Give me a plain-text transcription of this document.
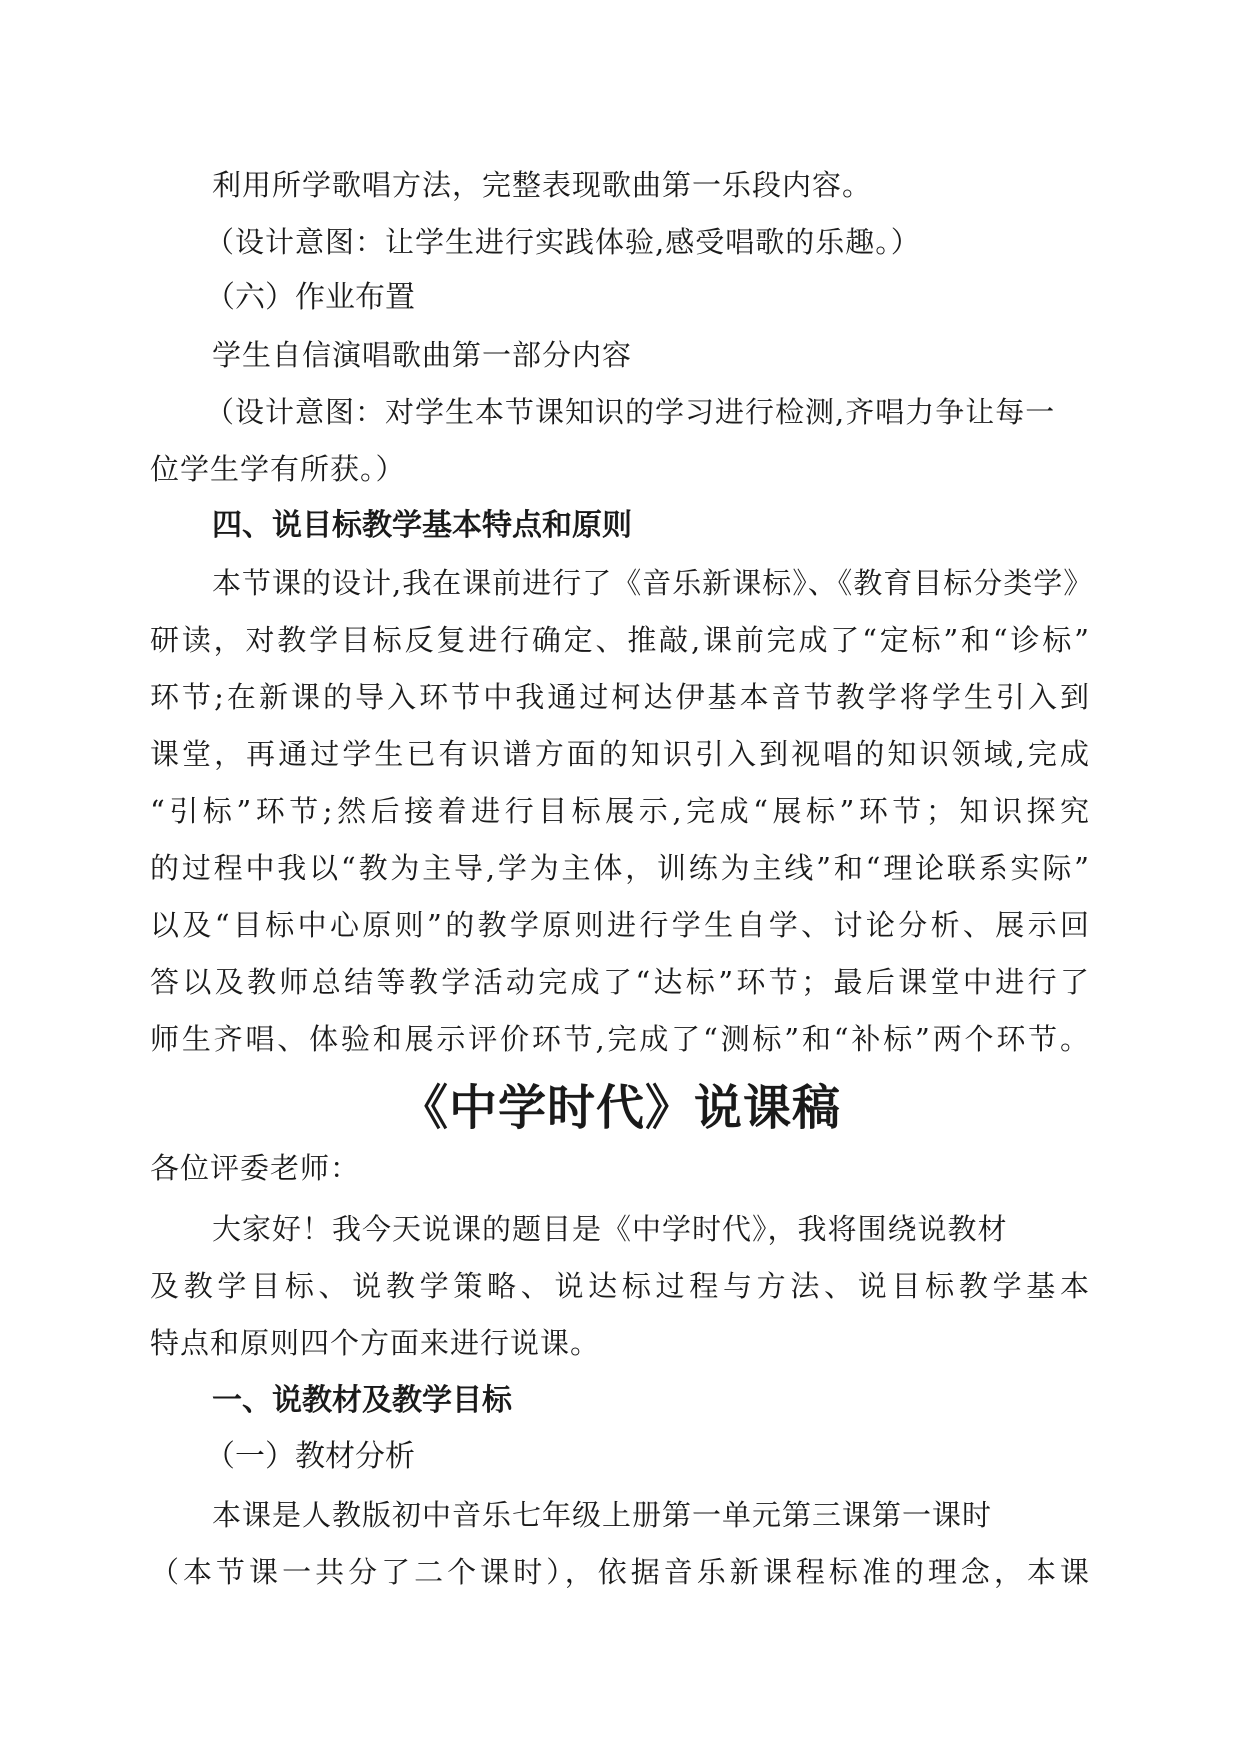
利用所学歌唱方法，完整表现歌曲第一乐段内容。
（设计意图：让学生进行实践体验,感受唱歌的乐趣。）
（六）作业布置
学生自信演唱歌曲第一部分内容
（设计意图：对学生本节课知识的学习进行检测,齐唱力争让每一
位学生学有所获。）
四、说目标教学基本特点和原则
本节课的设计,我在课前进行了《音乐新课标》、《教育目标分类学》
研读，对教学目标反复进行确定、推敲,课前完成了“定标”和“诊标”
环节;在新课的导入环节中我通过柯达伊基本音节教学将学生引入到
课堂，再通过学生已有识谱方面的知识引入到视唱的知识领域,完成
“引标”环节;然后接着进行目标展示,完成“展标”环节；知识探究
的过程中我以“教为主导,学为主体，训练为主线”和“理论联系实际”
以及“目标中心原则”的教学原则进行学生自学、讨论分析、展示回
答以及教师总结等教学活动完成了“达标”环节；最后课堂中进行了
师生齐唱、体验和展示评价环节,完成了“测标”和“补标”两个环节。
《中学时代》说课稿
各位评委老师：
大家好！我今天说课的题目是《中学时代》，我将围绕说教材
及教学目标、说教学策略、说达标过程与方法、说目标教学基本
特点和原则四个方面来进行说课。
一、说教材及教学目标
（一）教材分析
本课是人教版初中音乐七年级上册第一单元第三课第一课时
（本节课一共分了二个课时），依据音乐新课程标准的理念，本课
